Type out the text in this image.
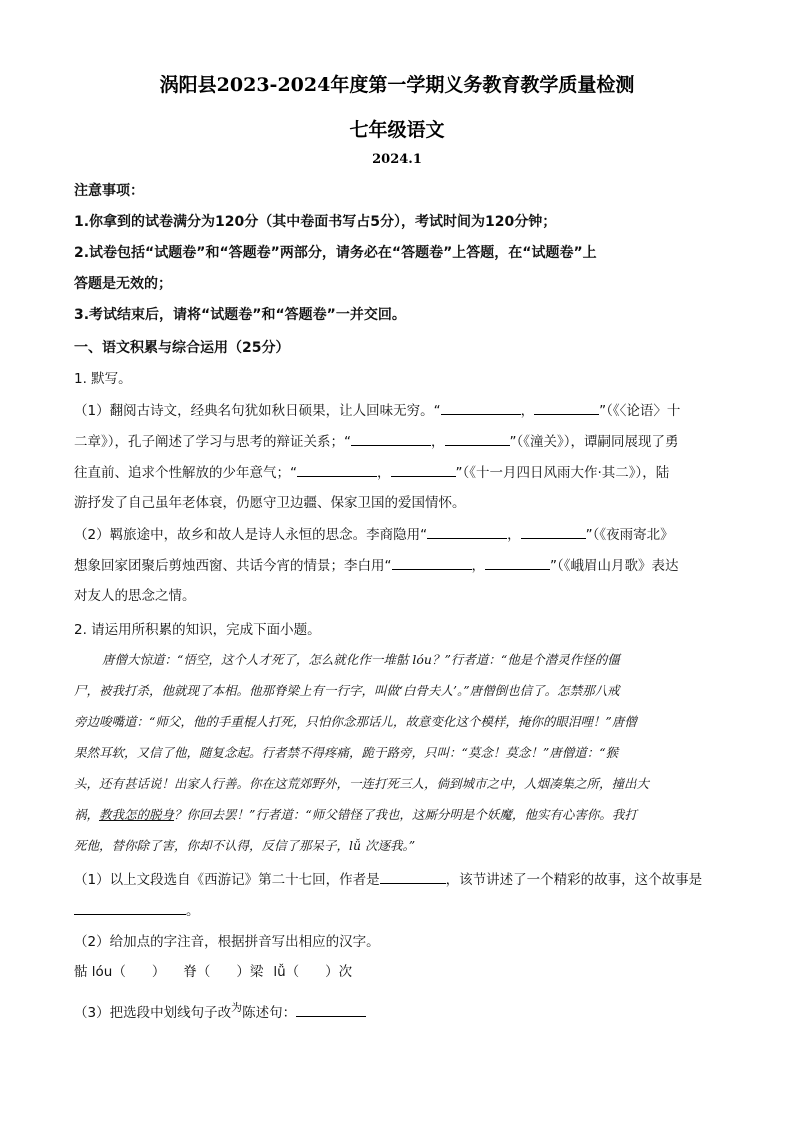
涡阳县2023-2024年度第一学期义务教育教学质量检测
七年级语文
2024.1
注意事项：
1.你拿到的试卷满分为120分（其中卷面书写占5分），考试时间为120分钟；
2.试卷包括“试题卷”和“答题卷”两部分，请务必在“答题卷”上答题，在“试题卷”上
答题是无效的；
3.考试结束后，请将“试题卷”和“答题卷”一并交回。
一、语文积累与综合运用（25分）
1. 默写。
（1）翻阅古诗文，经典名句犹如秋日硕果，让人回味无穷。“	，	”（《〈论语〉十
二章》），孔子阐述了学习与思考的辩证关系；“	，	”（《潼关》），谭嗣同展现了勇
往直前、追求个性解放的少年意气；“	，	”（《十一月四日风雨大作·其二》），陆
游抒发了自己虽年老体衰，仍愿守卫边疆、保家卫国的爱国情怀。
（2）羁旅途中，故乡和故人是诗人永恒的思念。李商隐用“	，	”（《夜雨寄北》
想象回家团聚后剪烛西窗、共话今宵的情景；李白用“	，	”（《峨眉山月歌》表达
对友人的思念之情。
2. 请运用所积累的知识，完成下面小题。
唐僧大惊道：“悟空，这个人才死了，怎么就化作一堆骷 lóu？”行者道：“他是个潜灵作怪的僵
尸，被我打杀，他就现了本相。他那脊梁上有一行字，叫做‘白骨夫人’。”唐僧倒也信了。怎禁那八戒
旁边唆嘴道：“师父，他的手重棍人打死，只怕你念那话儿，故意变化这个模样，掩你的眼泪哩！”唐僧
果然耳软，又信了他，随复念起。行者禁不得疼痛，跪于路旁，只叫：“莫念！莫念！”唐僧道：“猴
头，还有甚话说！出家人行善。你在这荒郊野外，一连打死三人，倘到城市之中，人烟凑集之所，撞出大
祸，教我怎的脱身？你回去罢！”行者道：“师父错怪了我也，这厮分明是个妖魔，他实有心害你。我打
死他，替你除了害，你却不认得，反信了那呆子，lǚ 次逐我。”
（1）以上文段选自《西游记》第二十七回，作者是	，该节讲述了一个精彩的故事，这个故事是
。
（2）给加点的字注音，根据拼音写出相应的汉字。
骷 lóu（ ） 脊（ ）梁 lǚ（ ）次
（3）把选段中划线句子改$^为$陈述句：
